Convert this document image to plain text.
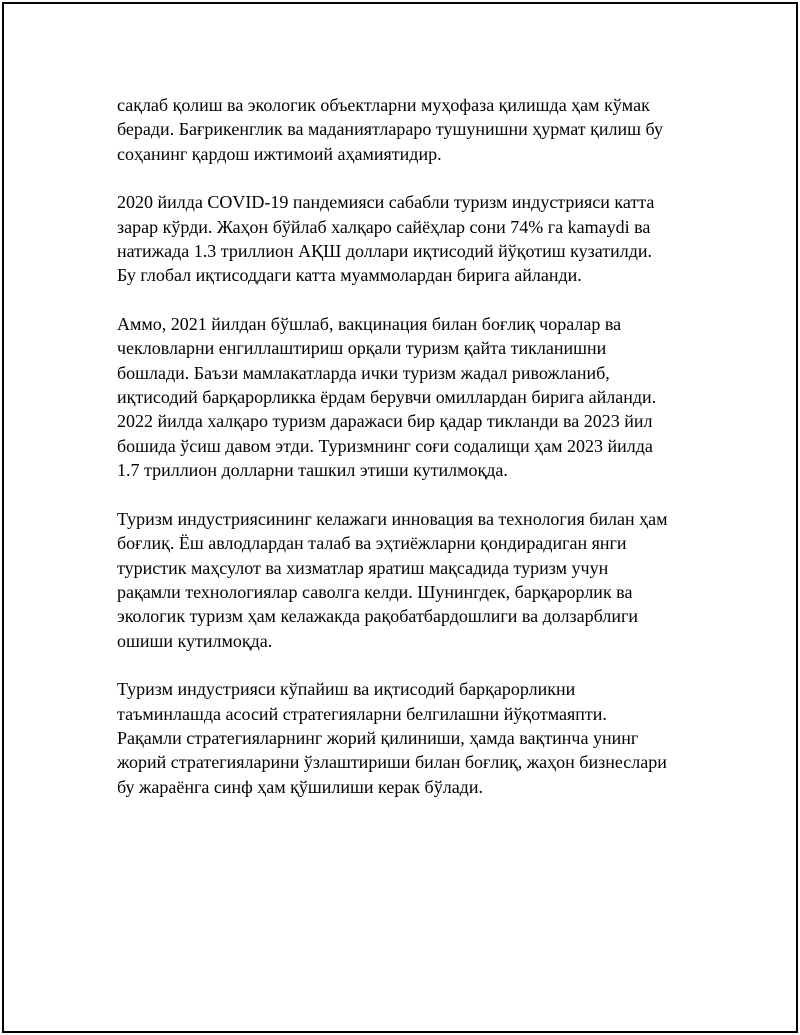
сақлаб қолиш ва экологик объектларни муҳофаза қилишда ҳам кўмак
беради. Бағрикенглик ва маданиятлараро тушунишни ҳурмат қилиш бу
соҳанинг қардош ижтимоий аҳамиятидир.

2020 йилда COVID-19 пандемияси сабабли туризм индустрияси катта
зарар кўрди. Жаҳон бўйлаб халқаро сайёҳлар сони 74% га kamaydi ва
натижада 1.3 триллион АҚШ доллари иқтисодий йўқотиш кузатилди.
Бу глобал иқтисоддаги катта муаммолардан бирига айланди.

Аммо, 2021 йилдан бўшлаб, вакцинация билан боғлиқ чоралар ва
чекловларни енгиллаштириш орқали туризм қайта тикланишни
бошлади. Баъзи мамлакатларда ички туризм жадал ривожланиб,
иқтисодий барқарорликка ёрдам берувчи омиллардан бирига айланди.
2022 йилда халқаро туризм даражаси бир қадар тикланди ва 2023 йил
бошида ўсиш давом этди. Туризмнинг соғи содалищи ҳам 2023 йилда
1.7 триллион долларни ташкил этиши кутилмоқда.

Туризм индустриясининг келажаги инновация ва технология билан ҳам
боғлиқ. Ёш авлодлардан талаб ва эҳтиёжларни қондирадиган янги
туристик маҳсулот ва хизматлар яратиш мақсадида туризм учун
рақамли технологиялар саволга келди. Шунингдек, барқарорлик ва
экологик туризм ҳам келажакда рақобатбардошлиги ва долзарблиги
ошиши кутилмоқда.

Туризм индустрияси кўпайиш ва иқтисодий барқарорликни
таъминлашда асосий стратегияларни белгилашни йўқотмаяпти.
Рақамли стратегияларнинг жорий қилиниши, ҳамда вақтинча унинг
жорий стратегияларини ўзлаштириши билан боғлиқ, жаҳон бизнеслари
бу жараёнга синф ҳам қўшилиши керак бўлади.
